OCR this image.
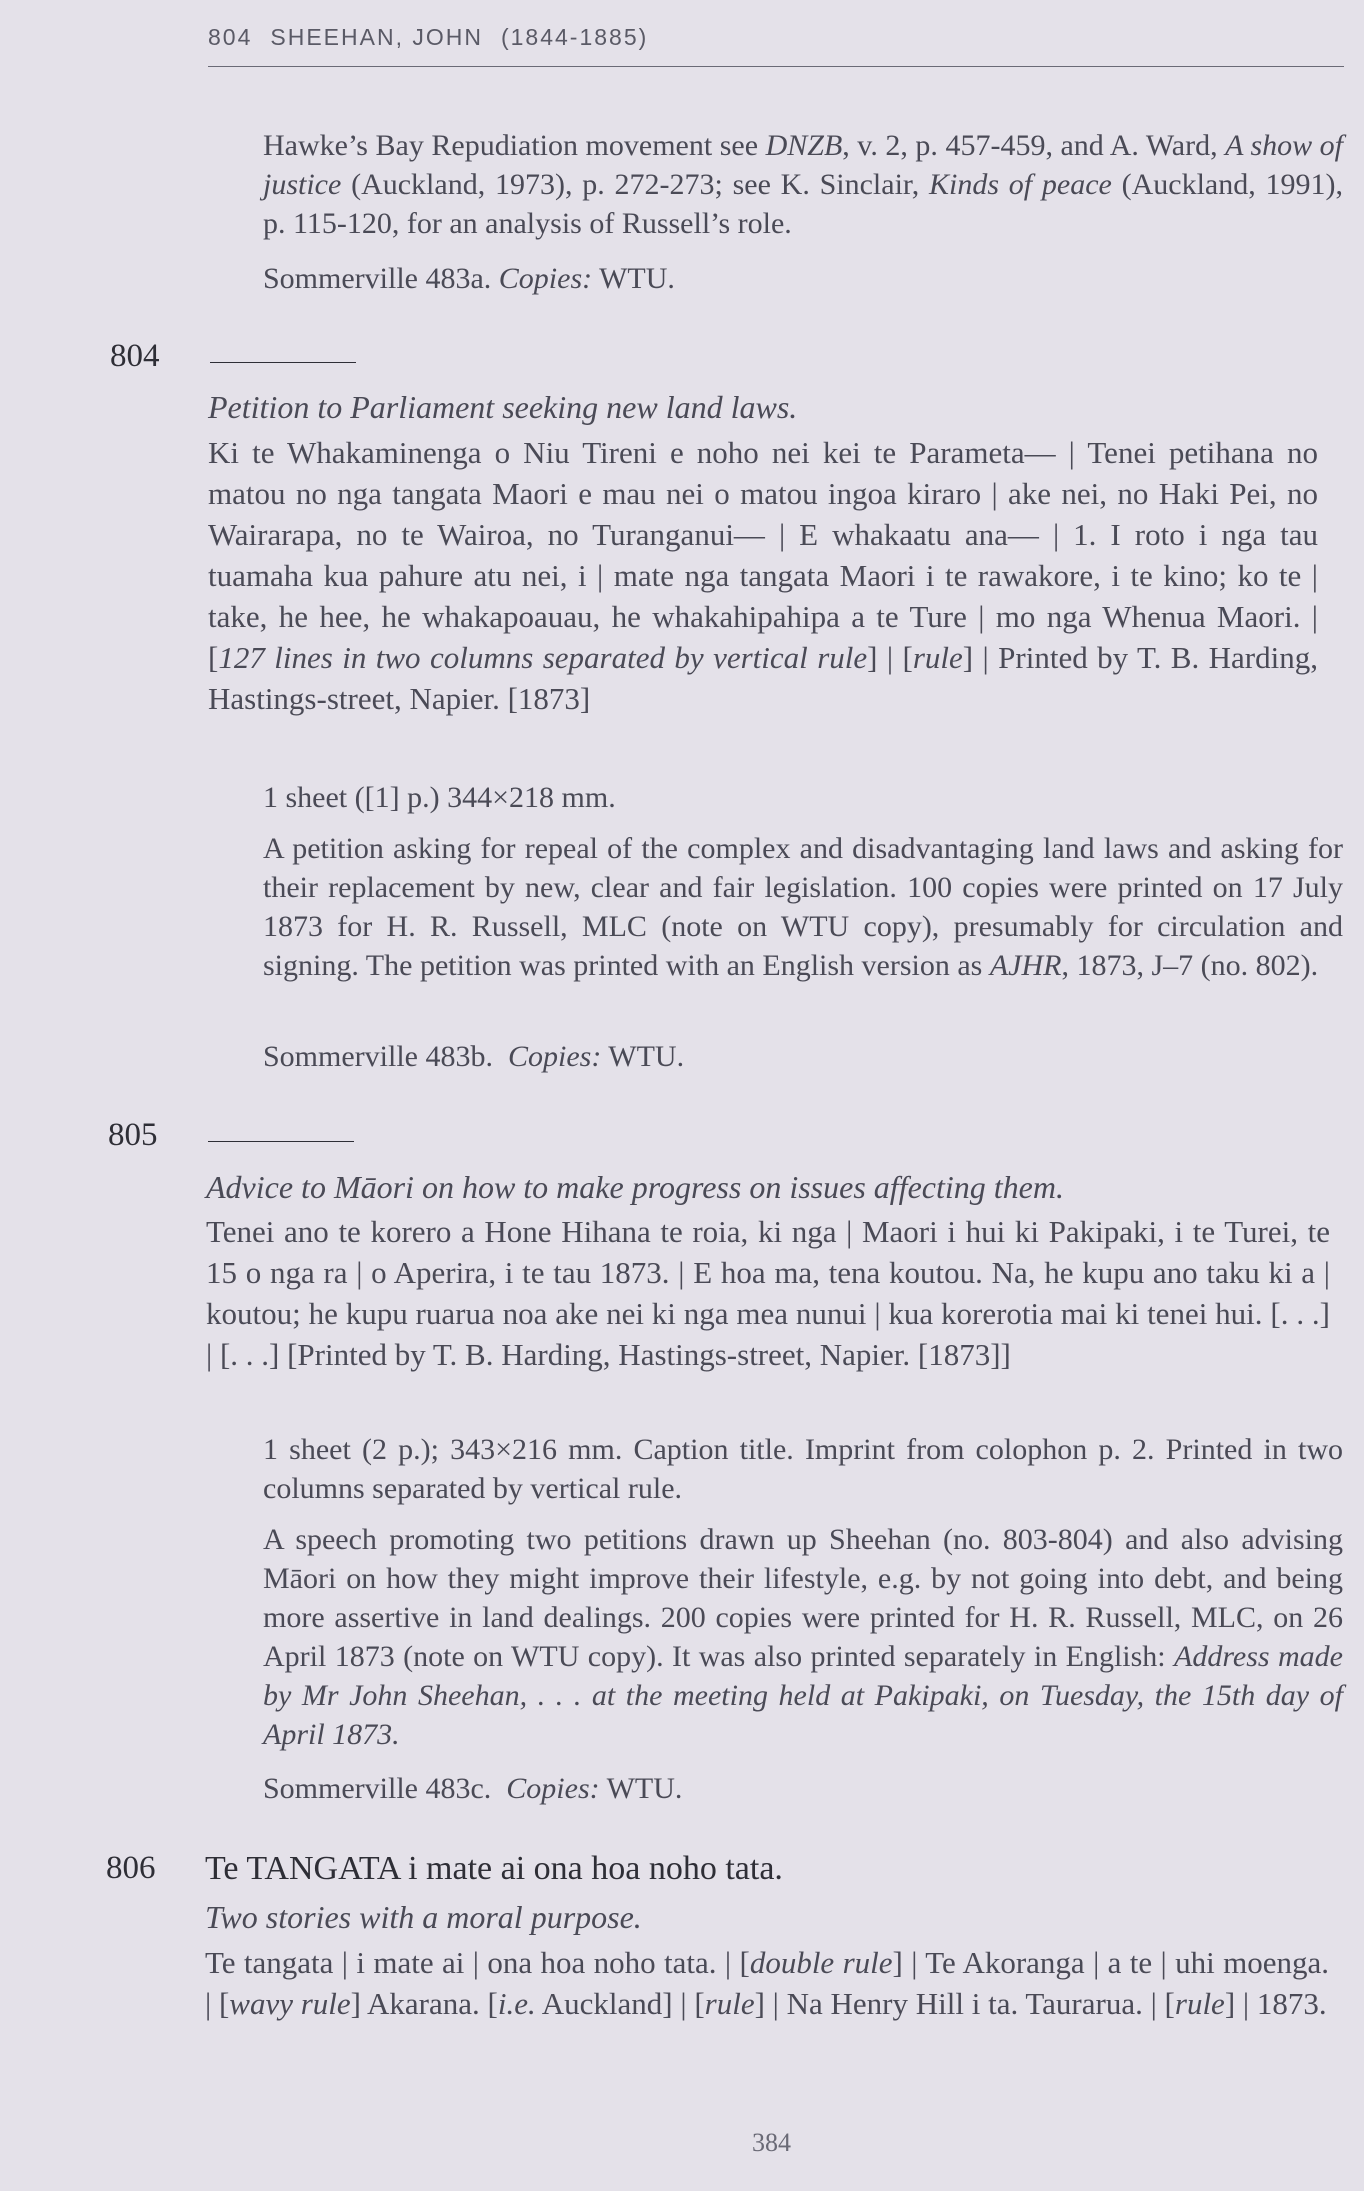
804 SHEEHAN, JOHN (1844-1885)
Hawke’s Bay Repudiation movement see DNZB, v. 2, p. 457-459, and A. Ward, A show of justice (Auckland, 1973), p. 272-273; see K. Sinclair, Kinds of peace (Auckland, 1991), p. 115-120, for an analysis of Russell’s role.
Sommerville 483a. Copies: WTU.
804
Petition to Parliament seeking new land laws.
Ki te Whakaminenga o Niu Tireni e noho nei kei te Parameta— | Tenei petihana no matou no nga tangata Maori e mau nei o matou ingoa kiraro | ake nei, no Haki Pei, no Wairarapa, no te Wairoa, no Turanganui— | E whakaatu ana— | 1. I roto i nga tau tuamaha kua pahure atu nei, i | mate nga tangata Maori i te rawakore, i te kino; ko te | take, he hee, he whakapoauau, he whakahipahipa a te Ture | mo nga Whenua Maori. | [127 lines in two columns separated by vertical rule] | [rule] | Printed by T. B. Harding, Hastings-street, Napier. [1873]
1 sheet ([1] p.) 344×218 mm.
A petition asking for repeal of the complex and disadvantaging land laws and asking for their replacement by new, clear and fair legislation. 100 copies were printed on 17 July 1873 for H. R. Russell, MLC (note on WTU copy), presumably for circulation and signing. The petition was printed with an English version as AJHR, 1873, J–7 (no. 802).
Sommerville 483b. Copies: WTU.
805
Advice to Māori on how to make progress on issues affecting them.
Tenei ano te korero a Hone Hihana te roia, ki nga | Maori i hui ki Pakipaki, i te Turei, te 15 o nga ra | o Aperira, i te tau 1873. | E hoa ma, tena koutou. Na, he kupu ano taku ki a | koutou; he kupu ruarua noa ake nei ki nga mea nunui | kua korerotia mai ki tenei hui. [. . .] | [. . .] [Printed by T. B. Harding, Hastings-street, Napier. [1873]]
1 sheet (2 p.); 343×216 mm. Caption title. Imprint from colophon p. 2. Printed in two columns separated by vertical rule.
A speech promoting two petitions drawn up Sheehan (no. 803-804) and also advising Māori on how they might improve their lifestyle, e.g. by not going into debt, and being more assertive in land dealings. 200 copies were printed for H. R. Russell, MLC, on 26 April 1873 (note on WTU copy). It was also printed separately in English: Address made by Mr John Sheehan, . . . at the meeting held at Pakipaki, on Tuesday, the 15th day of April 1873.
Sommerville 483c. Copies: WTU.
806 Te TANGATA i mate ai ona hoa noho tata.
Two stories with a moral purpose.
Te tangata | i mate ai | ona hoa noho tata. | [double rule] | Te Akoranga | a te | uhi moenga. | [wavy rule] Akarana. [i.e. Auckland] | [rule] | Na Henry Hill i ta. Taurarua. | [rule] | 1873.
384
